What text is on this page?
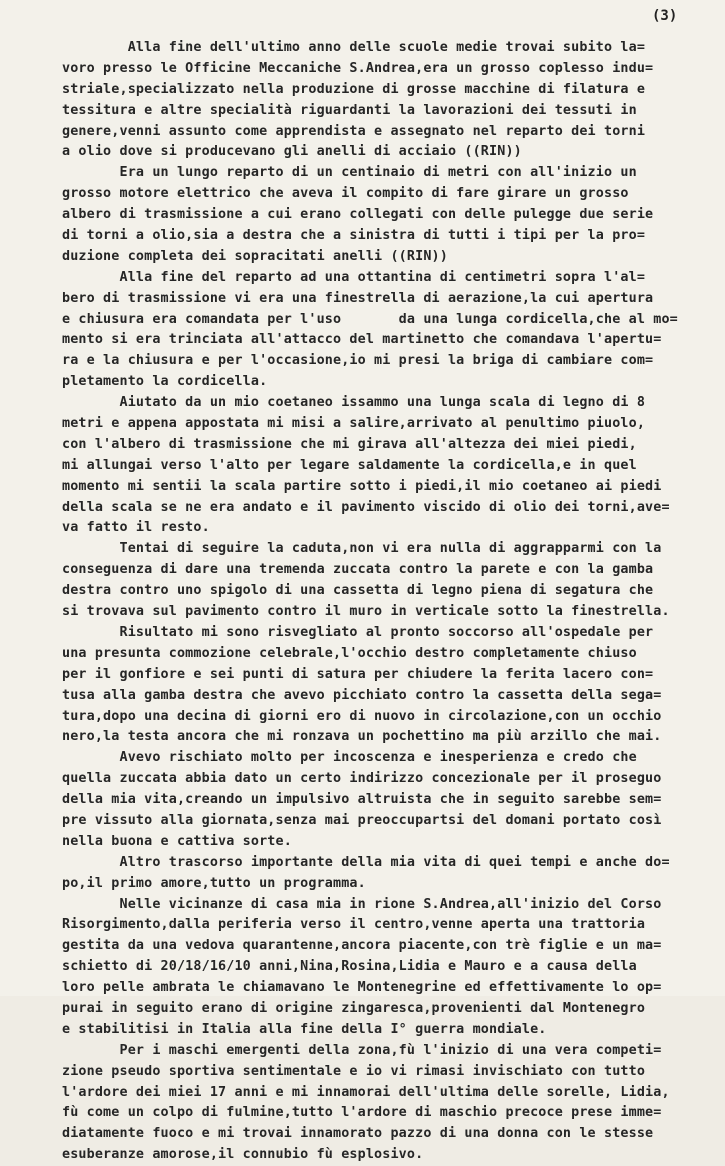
(3)
Alla fine dell'ultimo anno delle scuole medie trovai subito la=
voro presso le Officine Meccaniche S.Andrea,era un grosso coplesso indu=
striale,specializzato nella produzione di grosse macchine di filatura e
tessitura e altre specialità riguardanti la lavorazioni dei tessuti in
genere,venni assunto come apprendista e assegnato nel reparto dei torni
a olio dove si producevano gli anelli di acciaio ((RIN))
Era un lungo reparto di un centinaio di metri con all'inizio un
grosso motore elettrico che aveva il compito di fare girare un grosso
albero di trasmissione a cui erano collegati con delle pulegge due serie
di torni a olio,sia a destra che a sinistra di tutti i tipi per la pro=
duzione completa dei sopracitati anelli ((RIN))
Alla fine del reparto ad una ottantina di centimetri sopra l'al=
bero di trasmissione vi era una finestrella di aerazione,la cui apertura
e chiusura era comandata per l'uso       da una lunga cordicella,che al mo=
mento si era trinciata all'attacco del martinetto che comandava l'apertu=
ra e la chiusura e per l'occasione,io mi presi la briga di cambiare com=
pletamento la cordicella.
Aiutato da un mio coetaneo issammo una lunga scala di legno di 8
metri e appena appostata mi misi a salire,arrivato al penultimo piuolo,
con l'albero di trasmissione che mi girava all'altezza dei miei piedi,
mi allungai verso l'alto per legare saldamente la cordicella,e in quel
momento mi sentii la scala partire sotto i piedi,il mio coetaneo ai piedi
della scala se ne era andato e il pavimento viscido di olio dei torni,ave=
va fatto il resto.
Tentai di seguire la caduta,non vi era nulla di aggrapparmi con la
conseguenza di dare una tremenda zuccata contro la parete e con la gamba
destra contro uno spigolo di una cassetta di legno piena di segatura che
si trovava sul pavimento contro il muro in verticale sotto la finestrella.
Risultato mi sono risvegliato al pronto soccorso all'ospedale per
una presunta commozione celebrale,l'occhio destro completamente chiuso
per il gonfiore e sei punti di satura per chiudere la ferita lacero con=
tusa alla gamba destra che avevo picchiato contro la cassetta della sega=
tura,dopo una decina di giorni ero di nuovo in circolazione,con un occhio
nero,la testa ancora che mi ronzava un pochettino ma più arzillo che mai.
Avevo rischiato molto per incoscenza e inesperienza e credo che
quella zuccata abbia dato un certo indirizzo concezionale per il proseguo
della mia vita,creando un impulsivo altruista che in seguito sarebbe sem=
pre vissuto alla giornata,senza mai preoccupartsi del domani portato così
nella buona e cattiva sorte.
Altro trascorso importante della mia vita di quei tempi e anche do=
po,il primo amore,tutto un programma.
Nelle vicinanze di casa mia in rione S.Andrea,all'inizio del Corso
Risorgimento,dalla periferia verso il centro,venne aperta una trattoria
gestita da una vedova quarantenne,ancora piacente,con trè figlie e un ma=
schietto di 20/18/16/10 anni,Nina,Rosina,Lidia e Mauro e a causa della
loro pelle ambrata le chiamavano le Montenegrine ed effettivamente lo op=
purai in seguito erano di origine zingaresca,provenienti dal Montenegro
e stabilitisi in Italia alla fine della I° guerra mondiale.
Per i maschi emergenti della zona,fù l'inizio di una vera competi=
zione pseudo sportiva sentimentale e io vi rimasi invischiato con tutto
l'ardore dei miei 17 anni e mi innamorai dell'ultima delle sorelle, Lidia,
fù come un colpo di fulmine,tutto l'ardore di maschio precoce prese imme=
diatamente fuoco e mi trovai innamorato pazzo di una donna con le stesse
esuberanze amorose,il connubio fù esplosivo.
